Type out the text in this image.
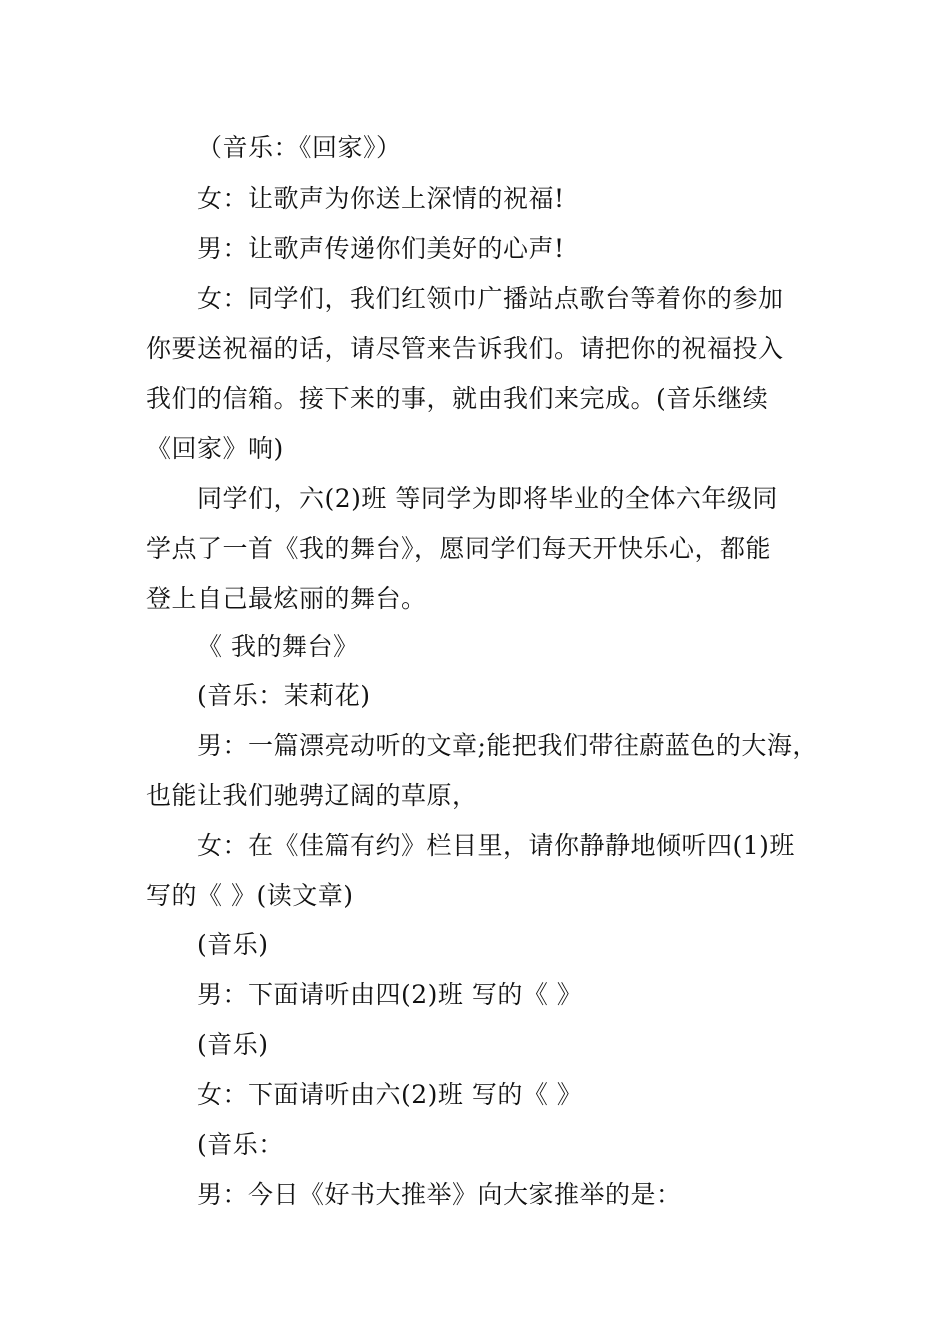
（音乐：《回家》）
女：让歌声为你送上深情的祝福!
男：让歌声传递你们美好的心声!
女：同学们，我们红领巾广播站点歌台等着你的参加
你要送祝福的话，请尽管来告诉我们。请把你的祝福投入
我们的信箱。接下来的事，就由我们来完成。(音乐继续
《回家》响)
同学们，六(2)班 等同学为即将毕业的全体六年级同
学点了一首《我的舞台》，愿同学们每天开快乐心，都能
登上自己最炫丽的舞台。
《 我的舞台》
(音乐：茉莉花)
男：一篇漂亮动听的文章;能把我们带往蔚蓝色的大海，
也能让我们驰骋辽阔的草原，
女：在《佳篇有约》栏目里，请你静静地倾听四(1)班
写的《 》(读文章)
(音乐)
男：下面请听由四(2)班 写的《 》
(音乐)
女：下面请听由六(2)班 写的《 》
(音乐：
男：今日《好书大推举》向大家推举的是：
